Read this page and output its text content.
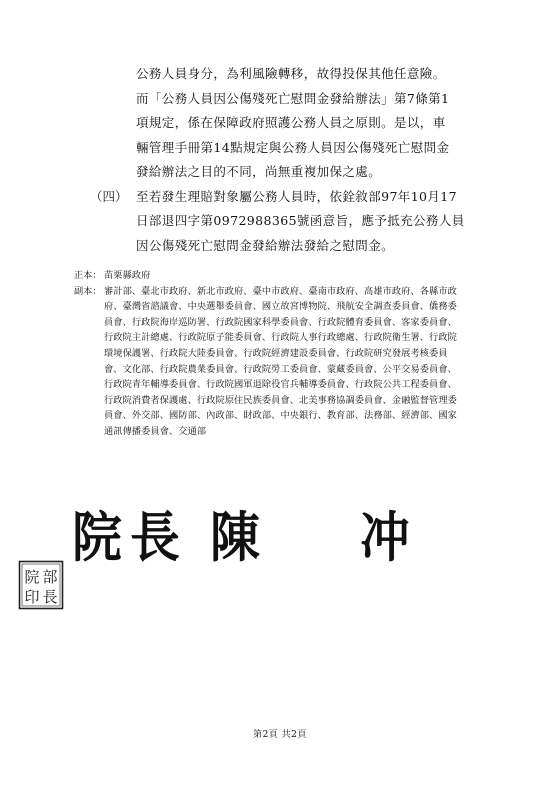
公務人員身分，為利風險轉移，故得投保其他任意險。
而「公務人員因公傷殘死亡慰問金發給辦法」第7條第1
項規定，係在保障政府照護公務人員之原則。是以，車
輛管理手冊第14點規定與公務人員因公傷殘死亡慰問金
發給辦法之目的不同，尚無重複加保之處。
（四） 至若發生理賠對象屬公務人員時，依銓敘部97年10月17
日部退四字第0972988365號函意旨，應予抵充公務人員
因公傷殘死亡慰問金發給辦法發給之慰問金。
正本： 苗栗縣政府
副本： 審計部、臺北市政府、新北市政府、臺中市政府、臺南市政府、高雄市政府、各縣市政
府、臺灣省諮議會、中央選舉委員會、國立故宮博物院、飛航安全調查委員會、僑務委
員會、行政院海岸巡防署、行政院國家科學委員會、行政院體育委員會、客家委員會、
行政院主計總處、行政院原子能委員會、行政院人事行政總處、行政院衛生署、行政院
環境保護署、行政院大陸委員會、行政院經濟建設委員會、行政院研究發展考核委員
會、文化部、行政院農業委員會、行政院勞工委員會、蒙藏委員會、公平交易委員會、
行政院青年輔導委員會、行政院國軍退除役官兵輔導委員會、行政院公共工程委員會、
行政院消費者保護處、行政院原住民族委員會、北美事務協調委員會、金融監督管理委
員會、外交部、國防部、內政部、財政部、中央銀行、教育部、法務部、經濟部、國家
通訊傳播委員會、交通部
院 長 陳 冲
部
院
長
印
第2頁 共2頁
